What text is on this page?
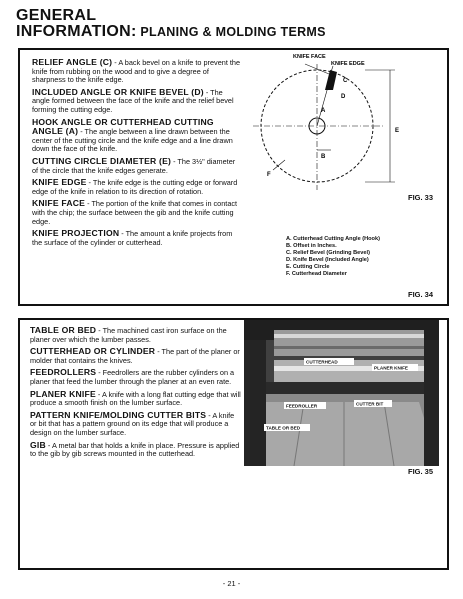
GENERAL
INFORMATION: PLANING & MOLDING TERMS
RELIEF ANGLE (C) - A back bevel on a knife to prevent the knife from rubbing on the wood and to give a degree of sharpness to the knife edge.
INCLUDED ANGLE OR KNIFE BEVEL (D) - The angle formed between the face of the knife and the relief bevel forming the cutting edge.
HOOK ANGLE OR CUTTERHEAD CUTTING ANGLE (A) - The angle between a line drawn between the center of the cutting circle and the knife edge and a line drawn down the face of the knife.
CUTTING CIRCLE DIAMETER (E) - The 3½" diameter of the circle that the knife edges generate.
KNIFE EDGE - The knife edge is the cutting edge or forward edge of the knife in relation to its direction of rotation.
KNIFE FACE - The portion of the knife that comes in contact with the chip; the surface between the gib and the knife cutting edge.
KNIFE PROJECTION - The amount a knife projects from the surface of the cylinder or cutterhead.
KNIFE FACE
KNIFE EDGE
A
B
C
D
E
F
FIG. 33
A. Cutterhead Cutting Angle (Hook)
B. Offset in Inches.
C. Relief Bevel (Grinding Bevel)
D. Knife Bevel (Included Angle)
E. Cutting Circle
F. Cutterhead Diameter
FIG. 34
TABLE OR BED - The machined cast iron surface on the planer over which the lumber passes.
CUTTERHEAD OR CYLINDER - The part of the planer or molder that contains the knives.
FEEDROLLERS - Feedrollers are the rubber cylinders on a planer that feed the lumber through the planer at an even rate.
PLANER KNIFE - A knife with a long flat cutting edge that will produce a smooth finish on the lumber surface.
PATTERN KNIFE/MOLDING CUTTER BITS - A knife or bit that has a pattern ground on its edge that will produce a design on the lumber surface.
GIB - A metal bar that holds a knife in place. Pressure is applied to the gib by gib screws mounted in the cutterhead.
FIG. 35
CUTTERHEAD
PLANER KNIFE
FEEDROLLER	CUTTER BIT
TABLE OR BED
- 21 -
